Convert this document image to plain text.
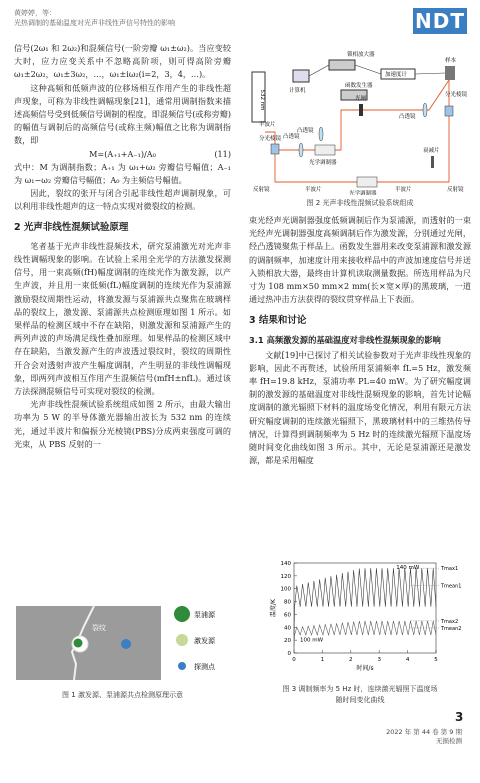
黄婷婷，等：
光热调制的基础温度对光声非线性声信号特性的影响	NDT

信号(2ω₁ 和 2ω₂)和混频信号(一阶旁瓣 ω₁±ω₂)。当应变较大时，应力应变关系中不忽略高阶项，则可得高阶旁瓣 ω₁±2ω₂，ω₁±3ω₂，…，ω₁±iω₂(i=2，3，4，…)。

这种高频和低频声波的位移场相互作用产生的非线性超声现象，可称为非线性调幅现象[21]，通常用调制指数来描述高频信号受到低频信号调制的程度，即混频信号(或称旁瓣)的幅值与调制后的高频信号(或称主频)幅值之比称为调制指数，即

M=(A₊₁+A₋₁)/A₀	(11)

式中：M 为调制指数；A₊₁ 为 ω₁+ω₂ 旁瓣信号幅值；A₋₁ 为 ω₁−ω₂ 旁瓣信号幅值；A₀ 为主频信号幅值。

因此，裂纹的张开与闭合引起非线性超声调制现象，可以利用非线性超声的这一特点实现对微裂纹的检测。

2 光声非线性混频试验原理

笔者基于光声非线性混频技术，研究泵浦激光对光声非线性调幅现象的影响。在试验上采用全光学的方法激发探测信号，用一束高频(fH)幅度调制的连续光作为激发源，以产生声波，并且用一束低频(fL)幅度调制的连续光作为泵浦源激励裂纹周期性运动，将激发源与泵浦源共点聚焦在玻璃样品的裂纹上，激发源、泵浦源共点检测原理如图 1 所示。如果样品的检测区域中不存在缺陷，则激发源和泵浦源产生的两列声波的声场满足线性叠加原理。如果样品的检测区域中存在缺陷，当激发源产生的声波透过裂纹时，裂纹的周期性开合会对透射声波产生幅度调制，产生明显的非线性调幅现象，即两列声波相互作用产生混频信号(mfH±nfL)。通过该方法探测混频信号可实现对裂纹的检测。

光声非线性混频试验系统组成如图 2 所示，由最大输出功率为 5 W 的半导体激光器输出波长为 532 nm 的连续光，通过半波片和偏振分光棱镜(PBS)分成两束强度可调的光束，从 PBS 反射的一

裂纹
泵浦源
激发源
探测点
图 1 激发源、泵浦源共点检测原理示意
532 nm	计算机
锁相放大器
函数发生器
加速度计
样本
半波片
分光棱镜 凸透镜
光学调制器
光闸
分光棱镜
凸透镜
凸透镜
衰减片
反射镜	半波片
光学调制器
半波片	反射镜
图 2 光声非线性混频试验系统组成

束光经声光调制器强度低频调制后作为泵浦源，而透射的一束光经声光调制器强度高频调制后作为激发源，分别通过光闸，经凸透镜聚焦于样品上。函数发生器用来改变泵浦源和激发源的调制频率，加速度计用来接收样品中的声波加速度信号并送入锁相放大器，最终由计算机读取测量数据。所选用样品为尺寸为 108 mm×50 mm×2 mm(长×宽×厚)的黑玻璃，一道通过热冲击方法获得的裂纹贯穿样品上下表面。

3 结果和讨论
3.1 高频激发源的基础温度对非线性混频现象的影响

文献[19]中已探讨了相关试验参数对于光声非线性现象的影响，因此不再赘述，试验所用泵浦频率 fL=5 Hz，激发频率 fH=19.8 kHz，泵浦功率 PL=40 mW。为了研究幅度调制的激发源的基础温度对非线性混频现象的影响，首先讨论幅度调制的激光辐照下材料的温度场变化情况，利用有限元方法研究幅度调制的连续激光辐照下，黑玻璃材料中的三维热传导情况，计算得到调制频率为 5 Hz 时的连续激光辐照下温度场随时间变化曲线如图 3 所示。其中，无论是泵浦源还是激发源，都是采用幅度

0
20
40
60
80
100
120
140
0	1	2	3	4	5
时间/s
温度/K
140 mW	Tmax1
Tmean1
100 mW
Tmax2
Tmean2
图 3 调制频率为 5 Hz 时，连续激光辐照下温度场
随时间变化曲线
3
2022 年 第 44 卷 第 9 期
无损检测
